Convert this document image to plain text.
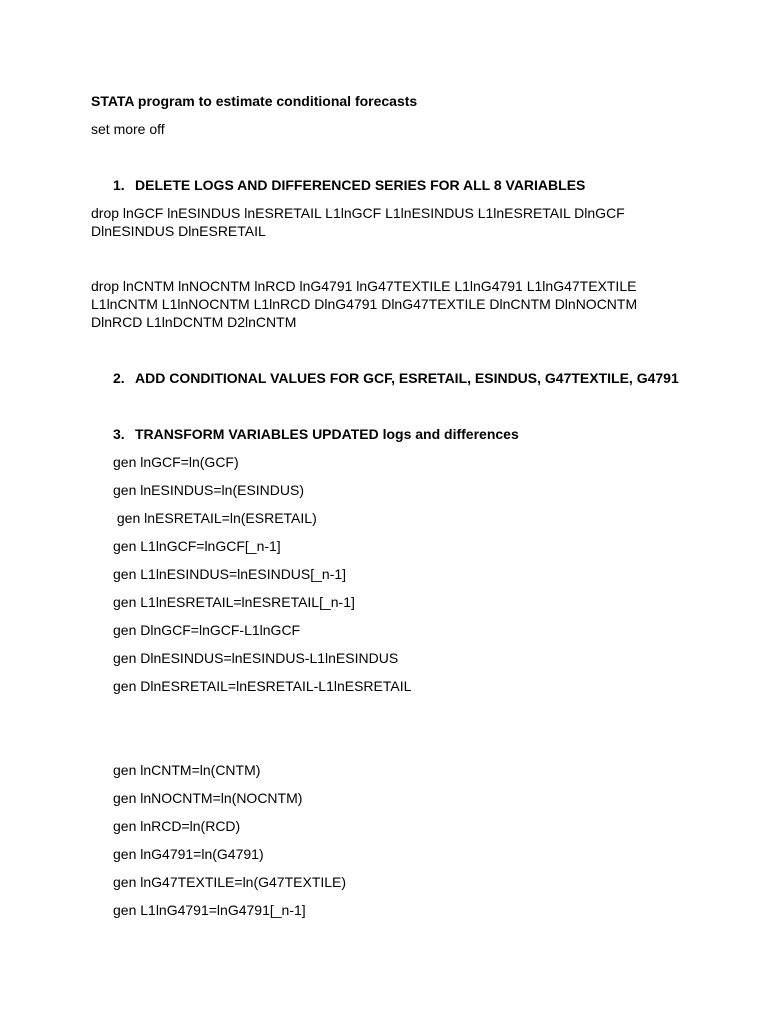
STATA program to estimate conditional forecasts
set more off
1. DELETE LOGS AND DIFFERENCED SERIES FOR ALL 8 VARIABLES
drop lnGCF lnESINDUS lnESRETAIL L1lnGCF L1lnESINDUS L1lnESRETAIL DlnGCF DlnESINDUS DlnESRETAIL
drop lnCNTM lnNOCNTM lnRCD lnG4791 lnG47TEXTILE L1lnG4791 L1lnG47TEXTILE L1lnCNTM L1lnNOCNTM L1lnRCD DlnG4791 DlnG47TEXTILE DlnCNTM DlnNOCNTM DlnRCD L1lnDCNTM D2lnCNTM
2. ADD CONDITIONAL VALUES FOR GCF, ESRETAIL, ESINDUS, G47TEXTILE, G4791
3. TRANSFORM VARIABLES UPDATED logs and differences
gen lnGCF=ln(GCF)
gen lnESINDUS=ln(ESINDUS)
gen lnESRETAIL=ln(ESRETAIL)
gen L1lnGCF=lnGCF[_n-1]
gen L1lnESINDUS=lnESINDUS[_n-1]
gen L1lnESRETAIL=lnESRETAIL[_n-1]
gen DlnGCF=lnGCF-L1lnGCF
gen DlnESINDUS=lnESINDUS-L1lnESINDUS
gen DlnESRETAIL=lnESRETAIL-L1lnESRETAIL
gen lnCNTM=ln(CNTM)
gen lnNOCNTM=ln(NOCNTM)
gen lnRCD=ln(RCD)
gen lnG4791=ln(G4791)
gen lnG47TEXTILE=ln(G47TEXTILE)
gen L1lnG4791=lnG4791[_n-1]
